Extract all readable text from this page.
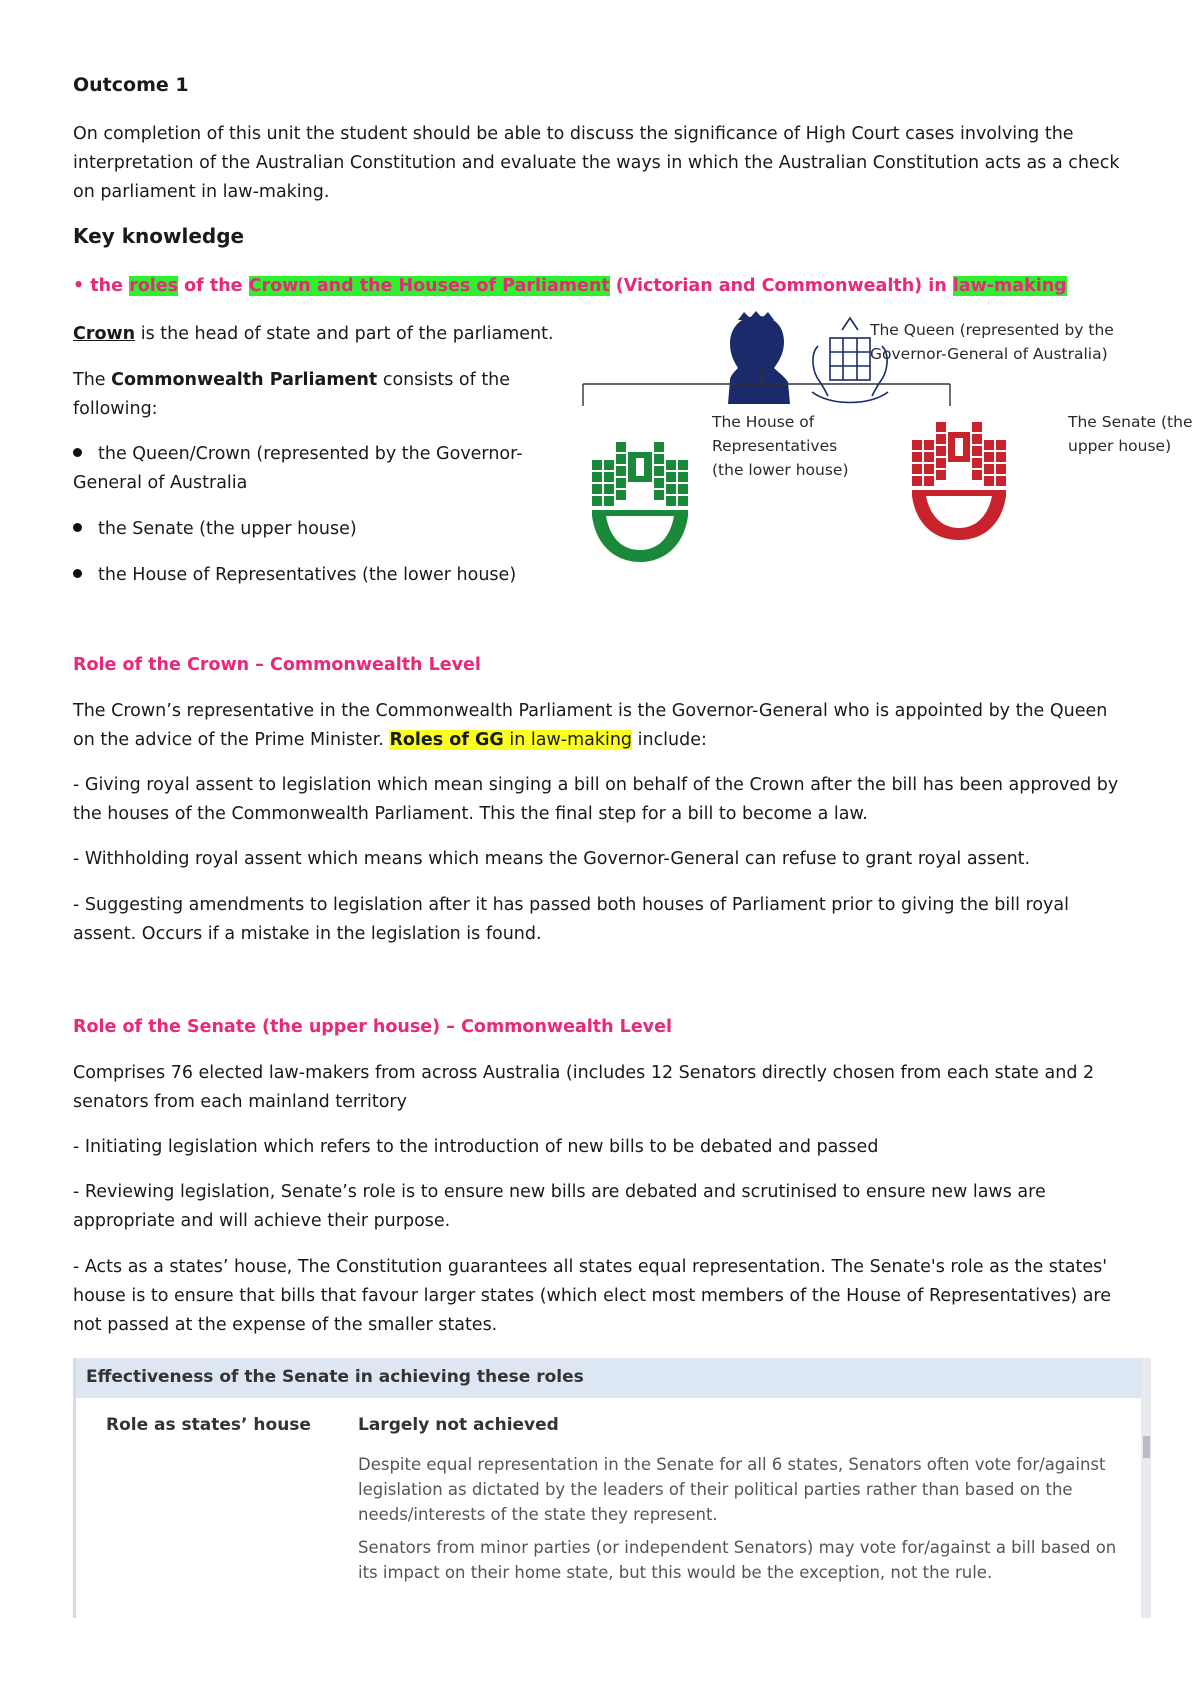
Outcome 1
On completion of this unit the student should be able to discuss the significance of High Court cases involving the interpretation of the Australian Constitution and evaluate the ways in which the Australian Constitution acts as a check on parliament in law-making.
Key knowledge
• the roles of the Crown and the Houses of Parliament (Victorian and Commonwealth) in law-making
Crown is the head of state and part of the parliament.
The Commonwealth Parliament consists of the following:
the Queen/Crown (represented by the Governor-General of Australia
the Senate (the upper house)
the House of Representatives (the lower house)
The Queen (represented by the Governor-General of Australia)
The House of Representatives (the lower house)
The Senate (the upper house)
Role of the Crown – Commonwealth Level
The Crown’s representative in the Commonwealth Parliament is the Governor-General who is appointed by the Queen on the advice of the Prime Minister. Roles of GG in law-making include:
- Giving royal assent to legislation which mean singing a bill on behalf of the Crown after the bill has been approved by the houses of the Commonwealth Parliament. This the final step for a bill to become a law.
- Withholding royal assent which means which means the Governor-General can refuse to grant royal assent.
- Suggesting amendments to legislation after it has passed both houses of Parliament prior to giving the bill royal assent. Occurs if a mistake in the legislation is found.
Role of the Senate (the upper house) – Commonwealth Level
Comprises 76 elected law-makers from across Australia (includes 12 Senators directly chosen from each state and 2 senators from each mainland territory
- Initiating legislation which refers to the introduction of new bills to be debated and passed
- Reviewing legislation, Senate’s role is to ensure new bills are debated and scrutinised to ensure new laws are appropriate and will achieve their purpose.
- Acts as a states’ house, The Constitution guarantees all states equal representation. The Senate's role as the states' house is to ensure that bills that favour larger states (which elect most members of the House of Representatives) are not passed at the expense of the smaller states.
Effectiveness of the Senate in achieving these roles
Role as states’ house	Largely not achieved
Despite equal representation in the Senate for all 6 states, Senators often vote for/against legislation as dictated by the leaders of their political parties rather than based on the needs/interests of the state they represent.
Senators from minor parties (or independent Senators) may vote for/against a bill based on its impact on their home state, but this would be the exception, not the rule.
